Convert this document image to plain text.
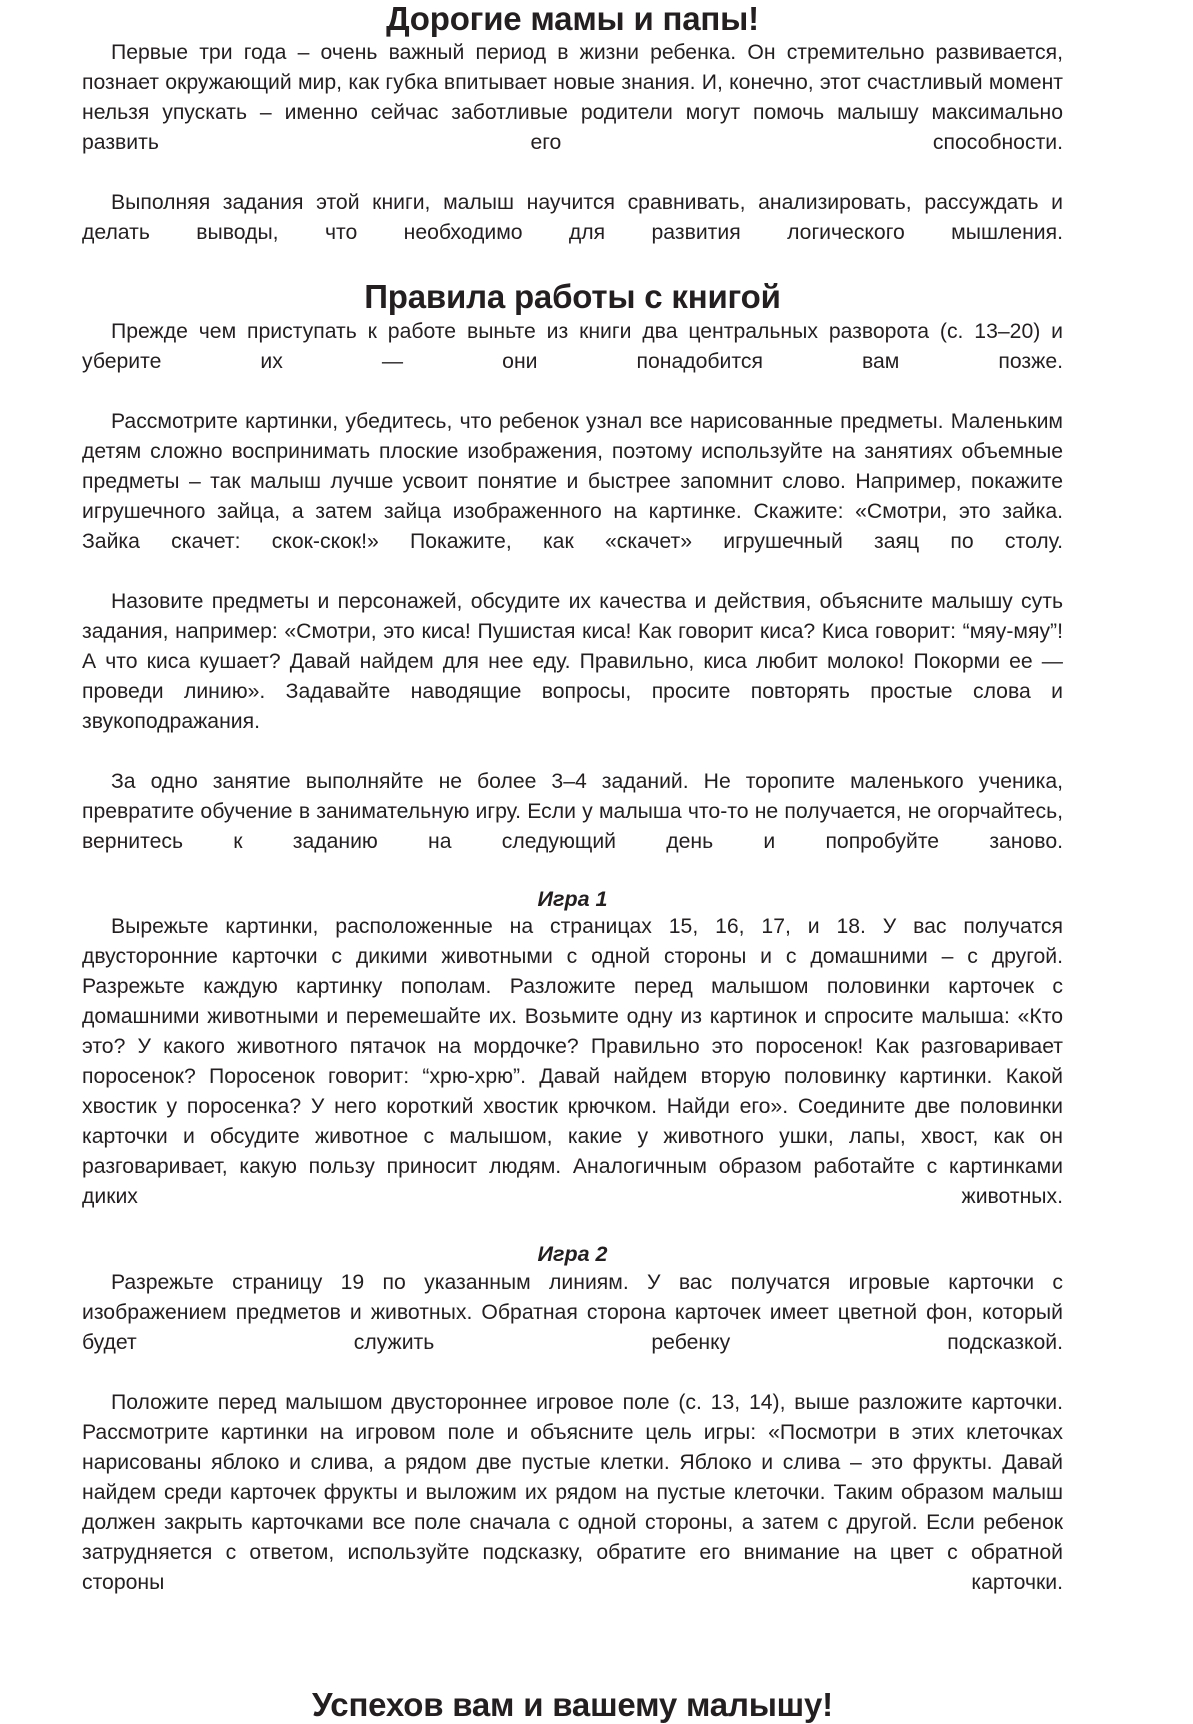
Дорогие мамы и папы!

Первые три года – очень важный период в жизни ребенка. Он стремительно развивается, познает окружающий мир, как губка впитывает новые знания. И, конечно, этот счастливый момент нельзя упускать – именно сейчас заботливые родители могут помочь малышу максимально развить его способности.

Выполняя задания этой книги, малыш научится сравнивать, анализировать, рассуждать и делать выводы, что необходимо для развития логического мышления.

Правила работы с книгой

Прежде чем приступать к работе выньте из книги два центральных разворота (с. 13–20) и уберите их — они понадобится вам позже.

Рассмотрите картинки, убедитесь, что ребенок узнал все нарисованные предметы. Маленьким детям сложно воспринимать плоские изображения, поэтому используйте на занятиях объемные предметы – так малыш лучше усвоит понятие и быстрее запомнит слово. Например, покажите игрушечного зайца, а затем зайца изображенного на картинке. Скажите: «Смотри, это зайка. Зайка скачет: скок-скок!» Покажите, как «скачет» игрушечный заяц по столу.

Назовите предметы и персонажей, обсудите их качества и действия, объясните малышу суть задания, например: «Смотри, это киса! Пушистая киса! Как говорит киса? Киса говорит: “мяу-мяу”! А что киса кушает? Давай найдем для нее еду. Правильно, киса любит молоко! Покорми ее — проведи линию». Задавайте наводящие вопросы, просите повторять простые слова и звукоподражания.

За одно занятие выполняйте не более 3–4 заданий. Не торопите маленького ученика, превратите обучение в занимательную игру. Если у малыша что-то не получается, не огорчайтесь, вернитесь к заданию на следующий день и попробуйте заново.

Игра 1

Вырежьте картинки, расположенные на страницах 15, 16, 17, и 18. У вас получатся двусторонние карточки с дикими животными с одной стороны и с домашними – с другой. Разрежьте каждую картинку пополам. Разложите перед малышом половинки карточек с домашними животными и перемешайте их. Возьмите одну из картинок и спросите малыша: «Кто это? У какого животного пятачок на мордочке? Правильно это поросенок! Как разговаривает поросенок? Поросенок говорит: “хрю-хрю”. Давай найдем вторую половинку картинки. Какой хвостик у поросенка? У него короткий хвостик крючком. Найди его». Соедините две половинки карточки и обсудите животное с малышом, какие у животного ушки, лапы, хвост, как он разговаривает, какую пользу приносит людям. Аналогичным образом работайте с картинками диких животных.

Игра 2

Разрежьте страницу 19 по указанным линиям. У вас получатся игровые карточки с изображением предметов и животных. Обратная сторона карточек имеет цветной фон, который будет служить ребенку подсказкой.

Положите перед малышом двустороннее игровое поле (с. 13, 14), выше разложите карточки. Рассмотрите картинки на игровом поле и объясните цель игры: «Посмотри в этих клеточках нарисованы яблоко и слива, а рядом две пустые клетки. Яблоко и слива – это фрукты. Давай найдем среди карточек фрукты и выложим их рядом на пустые клеточки. Таким образом малыш должен закрыть карточками все поле сначала с одной стороны, а затем с другой. Если ребенок затрудняется с ответом, используйте подсказку, обратите его внимание на цвет с обратной стороны карточки.

Успехов вам и вашему малышу!
